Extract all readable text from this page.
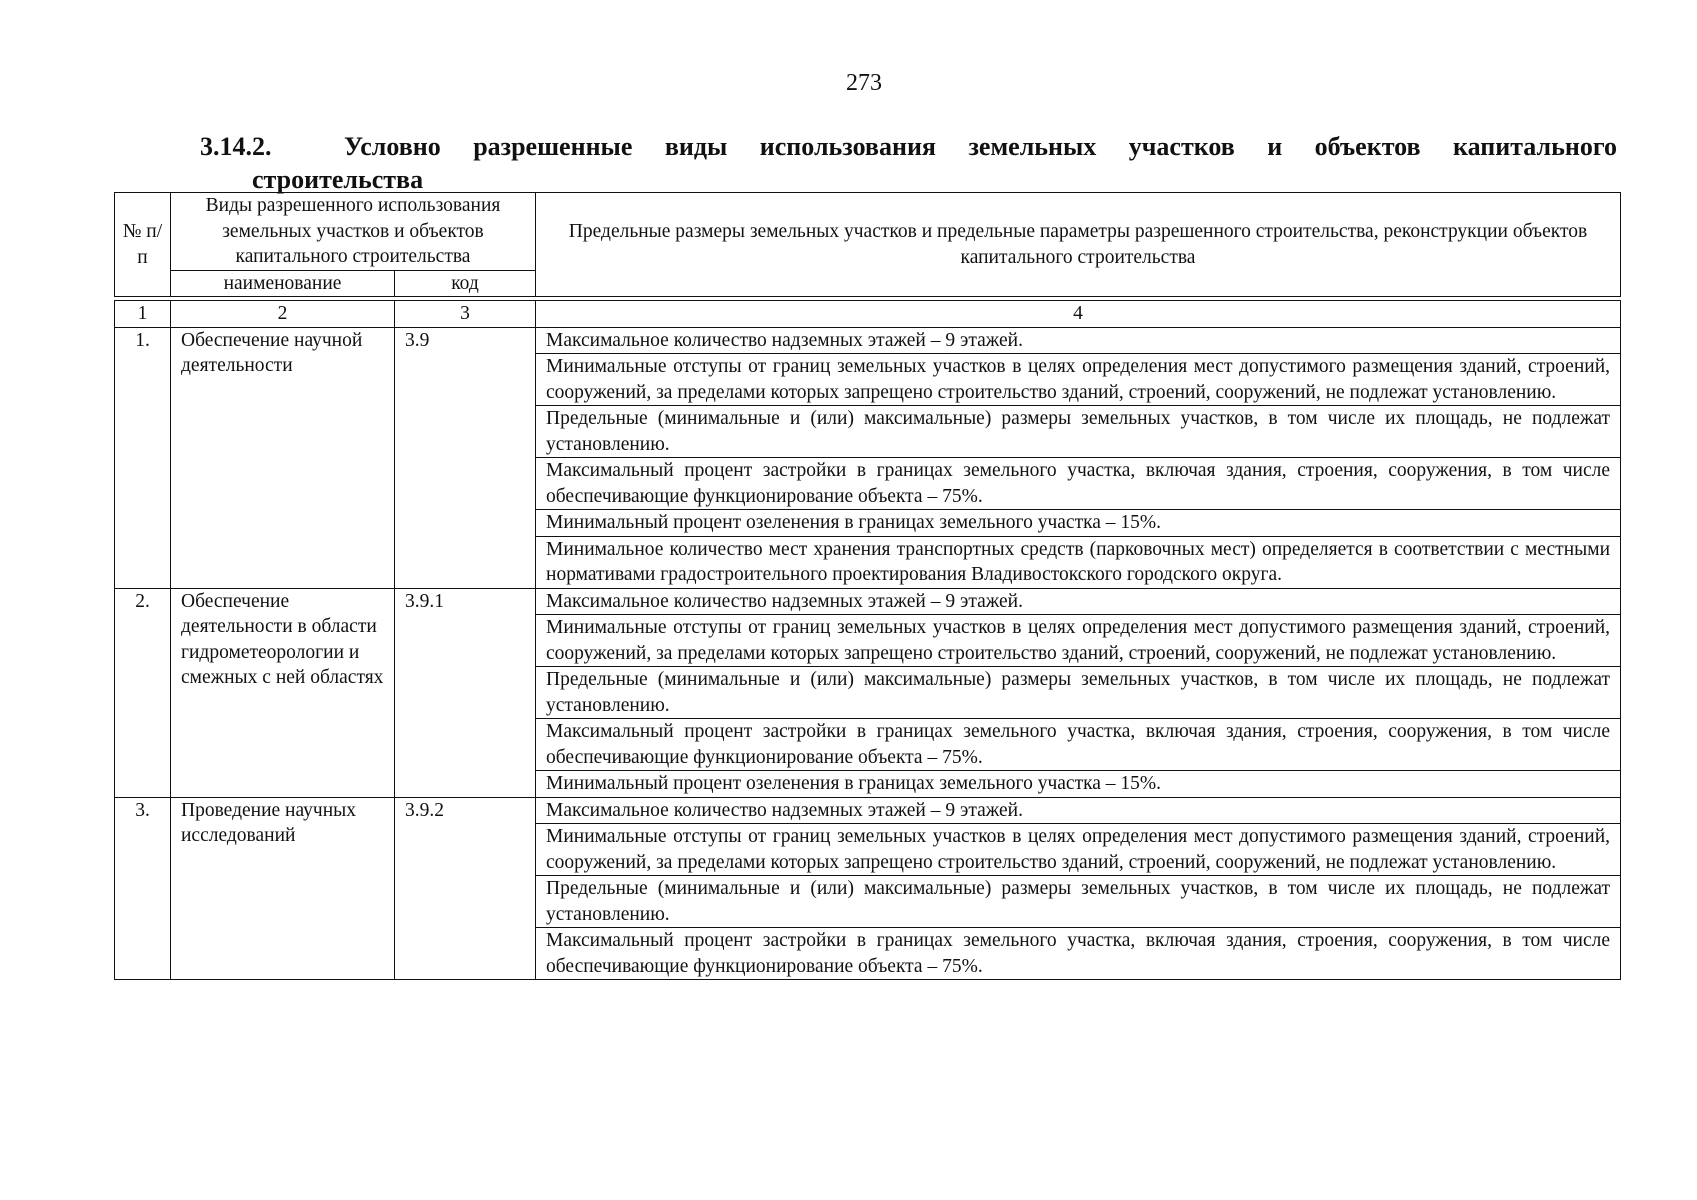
273
3.14.2.	Условно разрешенные виды использования земельных участков и объектов капитального
строительства
№ п/п	Виды разрешенного использования земельных участков и объектов капитального строительства		Предельные размеры земельных участков и предельные параметры разрешенного строительства, реконструкции объектов капитального строительства
	наименование	код	

1	2	3	4
1.	Обеспечение научной деятельности	3.9	Максимальное количество надземных этажей – 9 этажей.
			Минимальные отступы от границ земельных участков в целях определения мест допустимого размещения зданий, строений, сооружений, за пределами которых запрещено строительство зданий, строений, сооружений, не подлежат установлению.
			Предельные (минимальные и (или) максимальные) размеры земельных участков, в том числе их площадь, не подлежат установлению.
			Максимальный процент застройки в границах земельного участка, включая здания, строения, сооружения, в том числе обеспечивающие функционирование объекта – 75%.
			Минимальный процент озеленения в границах земельного участка – 15%.
			Минимальное количество мест хранения транспортных средств (парковочных мест) определяется в соответствии с местными нормативами градостроительного проектирования Владивостокского городского округа.
2.	Обеспечение деятельности в области гидрометеорологии и смежных с ней областях	3.9.1	Максимальное количество надземных этажей – 9 этажей.
			Минимальные отступы от границ земельных участков в целях определения мест допустимого размещения зданий, строений, сооружений, за пределами которых запрещено строительство зданий, строений, сооружений, не подлежат установлению.
			Предельные (минимальные и (или) максимальные) размеры земельных участков, в том числе их площадь, не подлежат установлению.
			Максимальный процент застройки в границах земельного участка, включая здания, строения, сооружения, в том числе обеспечивающие функционирование объекта – 75%.
			Минимальный процент озеленения в границах земельного участка – 15%.
3.	Проведение научных исследований	3.9.2	Максимальное количество надземных этажей – 9 этажей.
			Минимальные отступы от границ земельных участков в целях определения мест допустимого размещения зданий, строений, сооружений, за пределами которых запрещено строительство зданий, строений, сооружений, не подлежат установлению.
			Предельные (минимальные и (или) максимальные) размеры земельных участков, в том числе их площадь, не подлежат установлению.
			Максимальный процент застройки в границах земельного участка, включая здания, строения, сооружения, в том числе обеспечивающие функционирование объекта – 75%.
